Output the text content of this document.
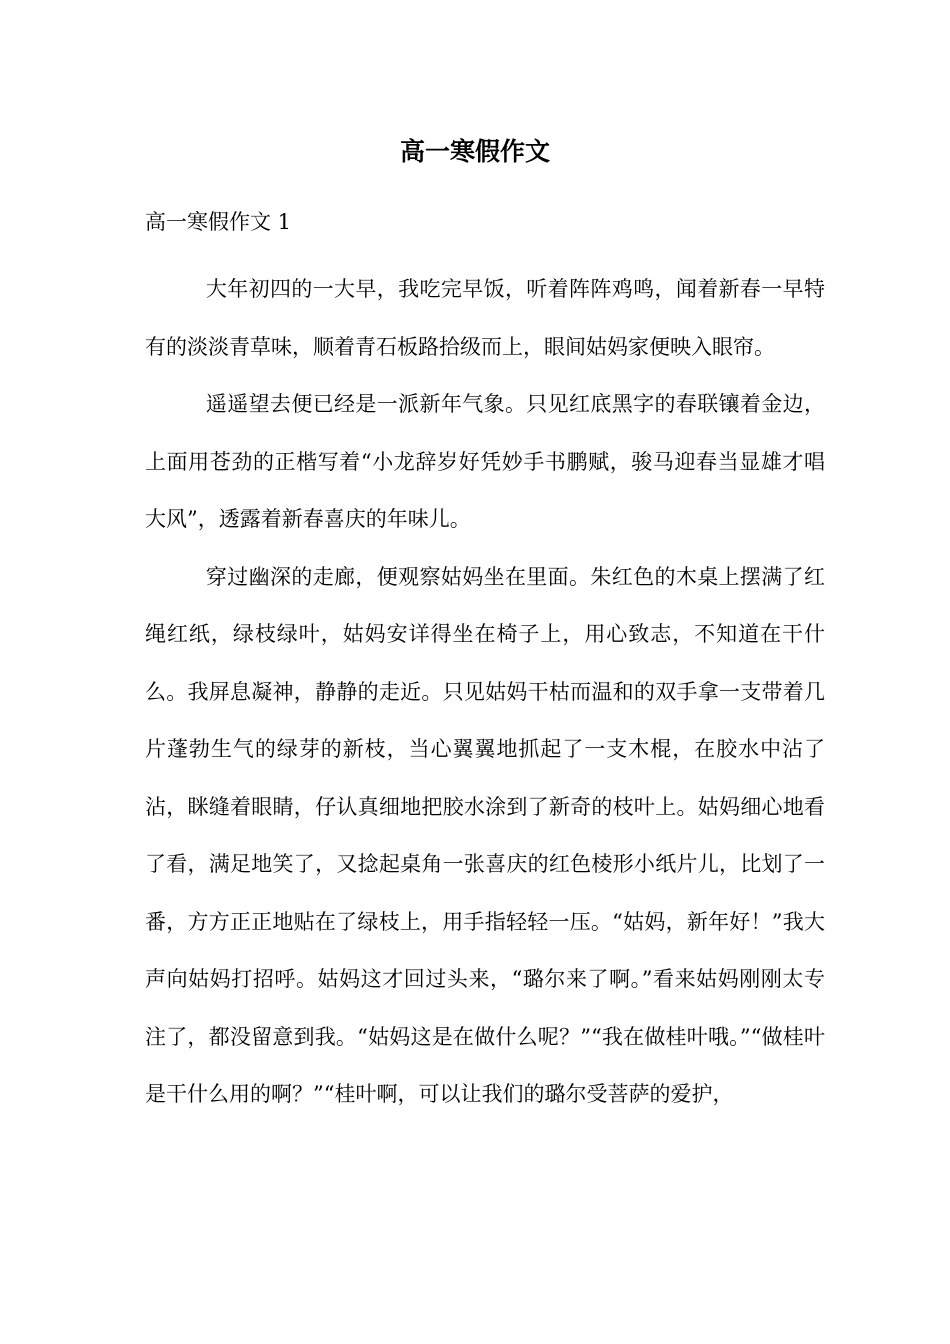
高一寒假作文

高一寒假作文 1

大年初四的一大早，我吃完早饭，听着阵阵鸡鸣，闻着新春一早特有的淡淡青草味，顺着青石板路拾级而上，眼间姑妈家便映入眼帘。

遥遥望去便已经是一派新年气象。只见红底黑字的春联镶着金边，上面用苍劲的正楷写着“小龙辞岁好凭妙手书鹏赋，骏马迎春当显雄才唱大风”，透露着新春喜庆的年味儿。

穿过幽深的走廊，便观察姑妈坐在里面。朱红色的木桌上摆满了红绳红纸，绿枝绿叶，姑妈安详得坐在椅子上，用心致志，不知道在干什么。我屏息凝神，静静的走近。只见姑妈干枯而温和的双手拿一支带着几片蓬勃生气的绿芽的新枝，当心翼翼地抓起了一支木棍，在胶水中沾了沾，眯缝着眼睛，仔认真细地把胶水涂到了新奇的枝叶上。姑妈细心地看了看，满足地笑了，又捻起桌角一张喜庆的红色棱形小纸片儿，比划了一番，方方正正地贴在了绿枝上，用手指轻轻一压。“姑妈，新年好！”我大声向姑妈打招呼。姑妈这才回过头来，“璐尔来了啊。”看来姑妈刚刚太专注了，都没留意到我。“姑妈这是在做什么呢？”“我在做桂叶哦。”“做桂叶是干什么用的啊？”“桂叶啊，可以让我们的璐尔受菩萨的爱护，
